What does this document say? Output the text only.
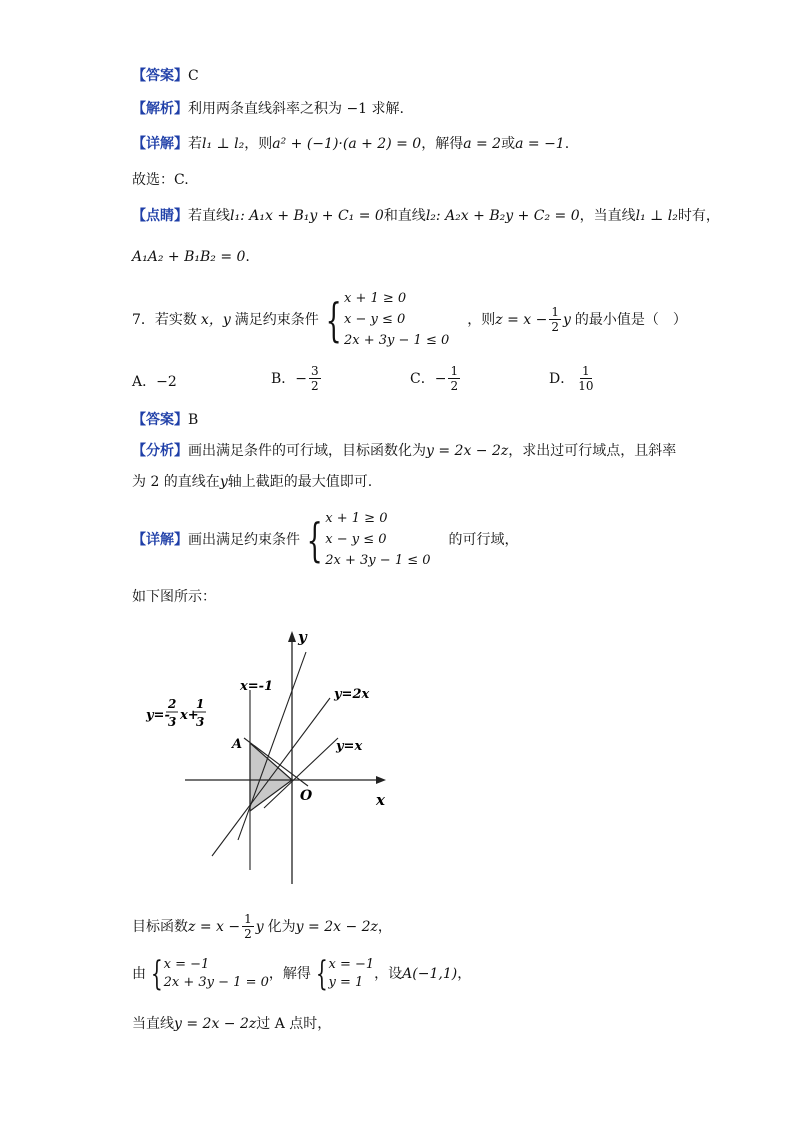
【答案】C
【解析】利用两条直线斜率之积为 −1 求解.
【详解】若l₁ ⊥ l₂，则a² + (−1)·(a + 2) = 0，解得a = 2或a = −1.
故选：C.
【点睛】若直线l₁: A₁x + B₁y + C₁ = 0和直线l₂: A₂x + B₂y + C₂ = 0，当直线l₁ ⊥ l₂时有，
A₁A₂ + B₁B₂ = 0.
7．若实数 x，y 满足约束条件 { x + 1 ≥ 0
x − y ≤ 0
2x + 3y − 1 ≤ 0
，则 $z = x - \frac{1}{2}$ y 的最小值是（　）
A．−2	B． − $\frac{3}{2}$	C． − $\frac{1}{2}$	D． $\frac{1}{10}$
【答案】B
【分析】画出满足条件的可行域，目标函数化为y = 2x − 2z，求出过可行域点，且斜率
为 2 的直线在y轴上截距的最大值即可.
【详解】 画出满足约束条件 { x + 1 ≥ 0
x − y ≤ 0
2x + 3y − 1 ≤ 0
的可行域，
如下图所示：
y
x
O
x=-1
y=2x
y=x
A
y=-
2
3 x+
1
3
目标函数 $z = x - \frac{1}{2}$ y 化为 y = 2x − 2z ，
由 { x = −1
2x + 3y − 1 = 0
，解得 { x = −1
y = 1
，设 A(−1,1) ，
当直线y = 2x − 2z过 A 点时，
